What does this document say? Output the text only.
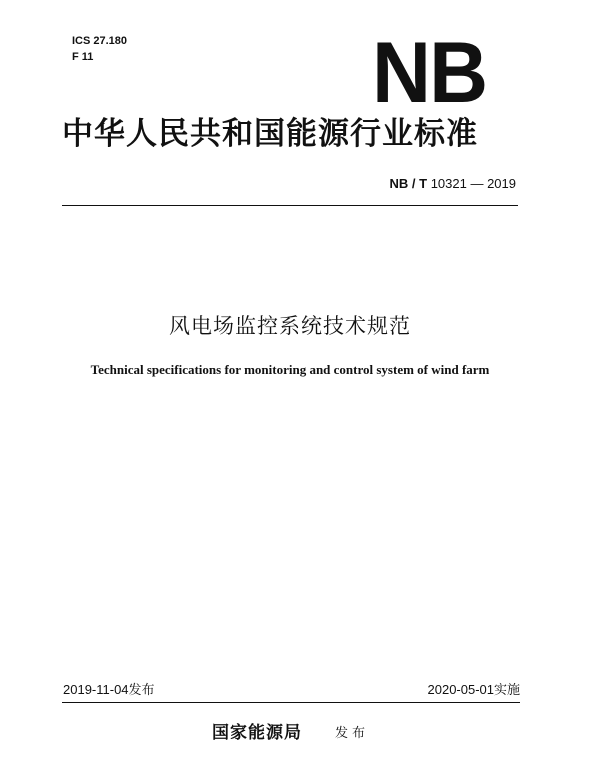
ICS 27.180
F 11	NB
中华人民共和国能源行业标准
NB / T 10321 — 2019
风电场监控系统技术规范
Technical specifications for monitoring and control system of wind farm
2019-11-04发布	2020-05-01实施
国家能源局	发布
